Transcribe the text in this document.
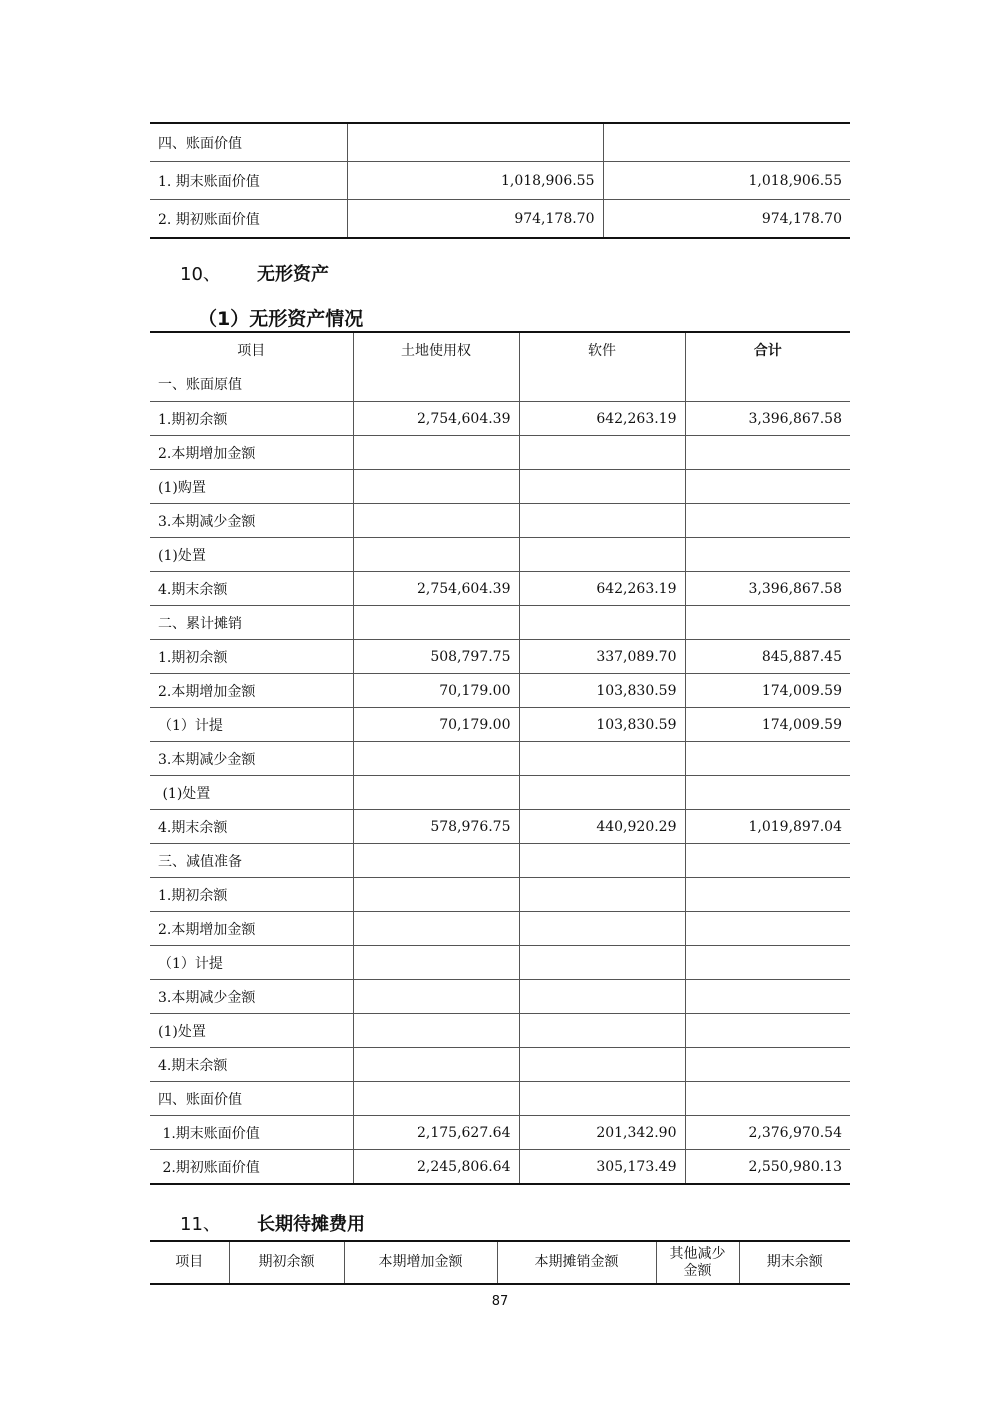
四、账面价值		
1. 期末账面价值	1,018,906.55	1,018,906.55
2. 期初账面价值	974,178.70	974,178.70
10、 无形资产
（1）无形资产情况
项目	土地使用权	软件	合计
一、账面原值			
1.期初余额	2,754,604.39	642,263.19	3,396,867.58
2.本期增加金额			
(1)购置			
3.本期减少金额			
(1)处置			
4.期末余额	2,754,604.39	642,263.19	3,396,867.58
二、累计摊销			
1.期初余额	508,797.75	337,089.70	845,887.45
2.本期增加金额	70,179.00	103,830.59	174,009.59
（1）计提	70,179.00	103,830.59	174,009.59
3.本期减少金额			
(1)处置			
4.期末余额	578,976.75	440,920.29	1,019,897.04
三、减值准备			
1.期初余额			
2.本期增加金额			
（1）计提			
3.本期减少金额			
(1)处置			
4.期末余额			
四、账面价值			
1.期末账面价值	2,175,627.64	201,342.90	2,376,970.54
2.期初账面价值	2,245,806.64	305,173.49	2,550,980.13
11、 长期待摊费用
项目	期初余额	本期增加金额	本期摊销金额	其他减少金额	期末余额
87
